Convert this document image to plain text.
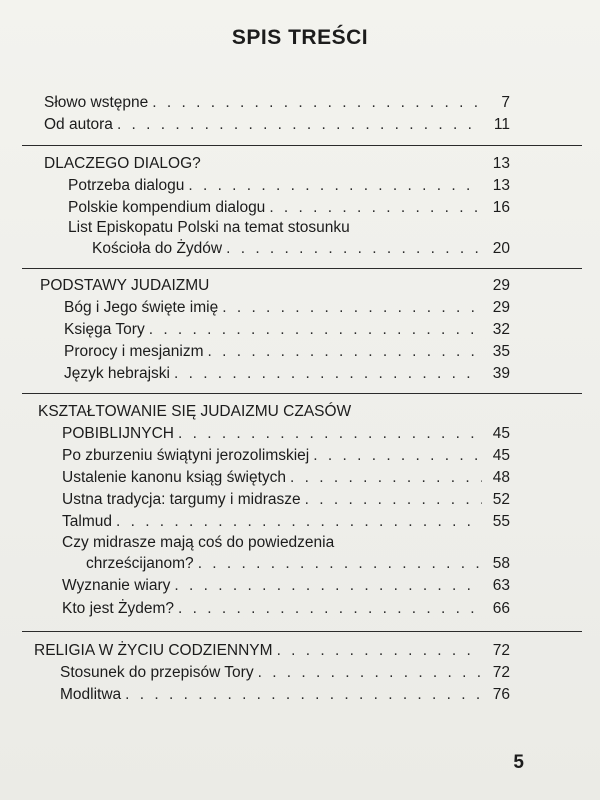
SPIS TREŚCI
Słowo wstępne . . .	7
Od autora . . .	11
DLACZEGO DIALOG?	13
Potrzeba dialogu . . .	13
Polskie kompendium dialogu . . .	16
List Episkopatu Polski na temat stosunku
Kościoła do Żydów . . .	20
PODSTAWY JUDAIZMU	29
Bóg i Jego święte imię . . .	29
Księga Tory . . .	32
Prorocy i mesjanizm . . .	35
Język hebrajski . . .	39
KSZTAŁTOWANIE SIĘ JUDAIZMU CZASÓW
POBIBLIJNYCH . . .	45
Po zburzeniu świątyni jerozolimskiej . . .	45
Ustalenie kanonu ksiąg świętych . . .	48
Ustna tradycja: targumy i midrasze . . .	52
Talmud . . .	55
Czy midrasze mają coś do powiedzenia
chrześcijanom? . . .	58
Wyznanie wiary . . .	63
Kto jest Żydem? . . .	66
RELIGIA W ŻYCIU CODZIENNYM . . .	72
Stosunek do przepisów Tory . . .	72
Modlitwa . . .	76
5
